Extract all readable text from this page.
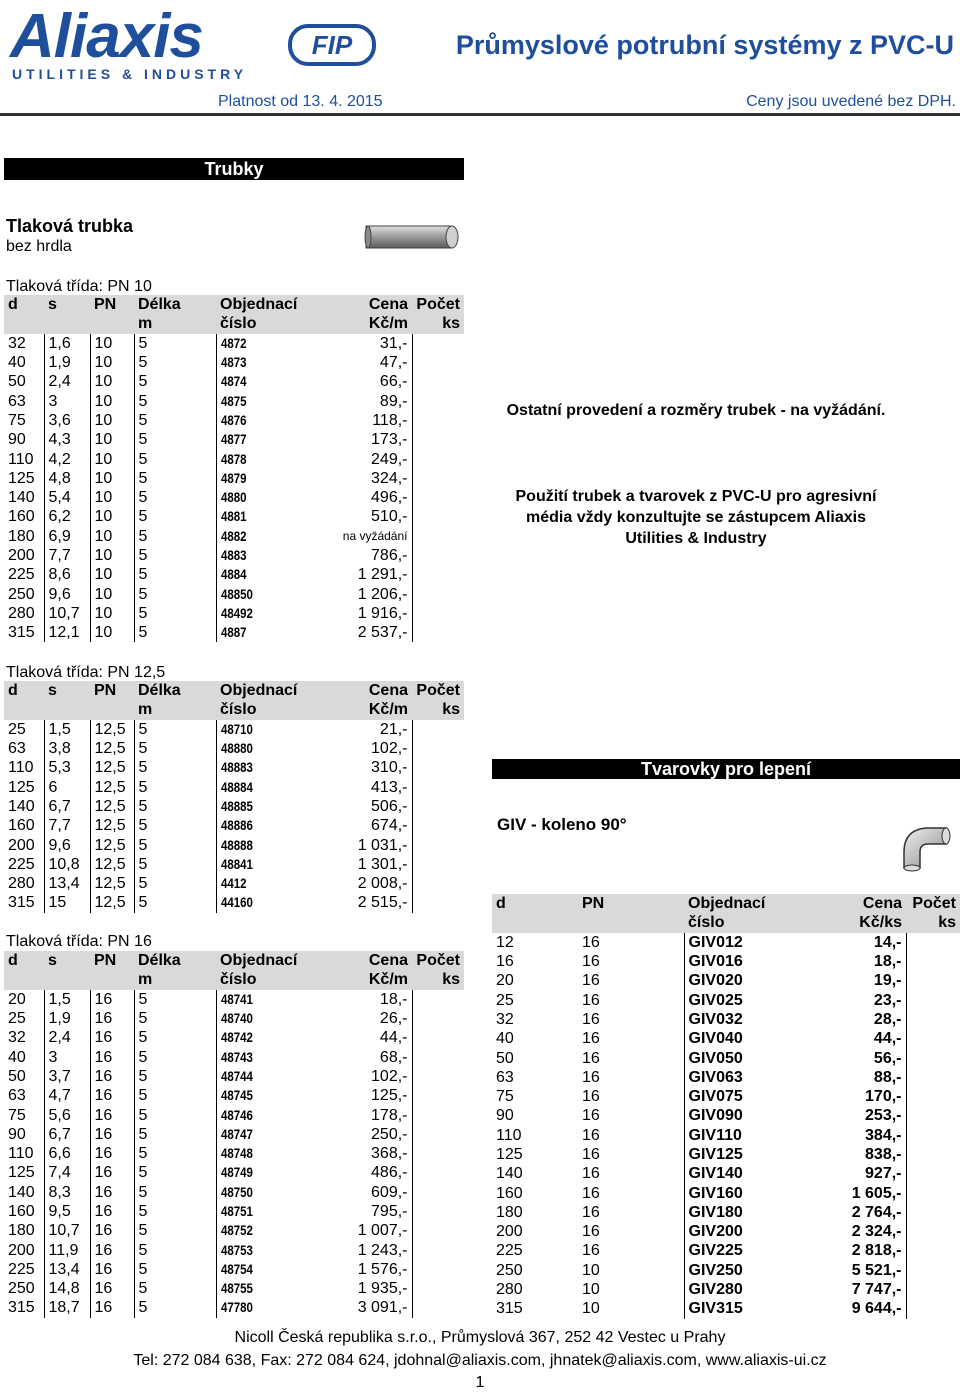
Aliaxis
UTILITIES & INDUSTRY
FIP	Průmyslové potrubní systémy z PVC-U
Platnost od 13. 4. 2015	Ceny jsou uvedené bez DPH.
Trubky
Tlaková trubka
bez hrdla
Tlaková třída: PN 10
d	s	PN	Délka	Objednací	Cena	Počet
			m	číslo	Kč/m	ks
32	1,6	10	5	4872	31,-	
40	1,9	10	5	4873	47,-	
50	2,4	10	5	4874	66,-	
63	3	10	5	4875	89,-	
75	3,6	10	5	4876	118,-	
90	4,3	10	5	4877	173,-	
110	4,2	10	5	4878	249,-	
125	4,8	10	5	4879	324,-	
140	5,4	10	5	4880	496,-	
160	6,2	10	5	4881	510,-	
180	6,9	10	5	4882	na vyžádání	
200	7,7	10	5	4883	786,-	
225	8,6	10	5	4884	1 291,-	
250	9,6	10	5	48850	1 206,-	
280	10,7	10	5	48492	1 916,-	
315	12,1	10	5	4887	2 537,-	
Ostatní provedení a rozměry trubek - na vyžádání.
Použití trubek a tvarovek z PVC-U pro agresivní
média vždy konzultujte se zástupcem Aliaxis
Utilities & Industry
Tlaková třída: PN 12,5
d	s	PN	Délka	Objednací	Cena	Počet
			m	číslo	Kč/m	ks
25	1,5	12,5	5	48710	21,-	
63	3,8	12,5	5	48880	102,-	
110	5,3	12,5	5	48883	310,-	
125	6	12,5	5	48884	413,-	
140	6,7	12,5	5	48885	506,-	
160	7,7	12,5	5	48886	674,-	
200	9,6	12,5	5	48888	1 031,-	
225	10,8	12,5	5	48841	1 301,-	
280	13,4	12,5	5	4412	2 008,-	
315	15	12,5	5	44160	2 515,-	
Tlaková třída: PN 16
d	s	PN	Délka	Objednací	Cena	Počet
			m	číslo	Kč/m	ks
20	1,5	16	5	48741	18,-	
25	1,9	16	5	48740	26,-	
32	2,4	16	5	48742	44,-	
40	3	16	5	48743	68,-	
50	3,7	16	5	48744	102,-	
63	4,7	16	5	48745	125,-	
75	5,6	16	5	48746	178,-	
90	6,7	16	5	48747	250,-	
110	6,6	16	5	48748	368,-	
125	7,4	16	5	48749	486,-	
140	8,3	16	5	48750	609,-	
160	9,5	16	5	48751	795,-	
180	10,7	16	5	48752	1 007,-	
200	11,9	16	5	48753	1 243,-	
225	13,4	16	5	48754	1 576,-	
250	14,8	16	5	48755	1 935,-	
315	18,7	16	5	47780	3 091,-	
Tvarovky pro lepení
GIV - koleno 90°
d	PN	Objednací	Cena	Počet
		číslo	Kč/ks	ks
12	16	GIV012	14,-	
16	16	GIV016	18,-	
20	16	GIV020	19,-	
25	16	GIV025	23,-	
32	16	GIV032	28,-	
40	16	GIV040	44,-	
50	16	GIV050	56,-	
63	16	GIV063	88,-	
75	16	GIV075	170,-	
90	16	GIV090	253,-	
110	16	GIV110	384,-	
125	16	GIV125	838,-	
140	16	GIV140	927,-	
160	16	GIV160	1 605,-	
180	16	GIV180	2 764,-	
200	16	GIV200	2 324,-	
225	16	GIV225	2 818,-	
250	10	GIV250	5 521,-	
280	10	GIV280	7 747,-	
315	10	GIV315	9 644,-	
Nicoll Česká republika s.r.o., Průmyslová 367, 252 42 Vestec u Prahy
Tel: 272 084 638, Fax: 272 084 624, jdohnal@aliaxis.com, jhnatek@aliaxis.com, www.aliaxis-ui.cz
1
